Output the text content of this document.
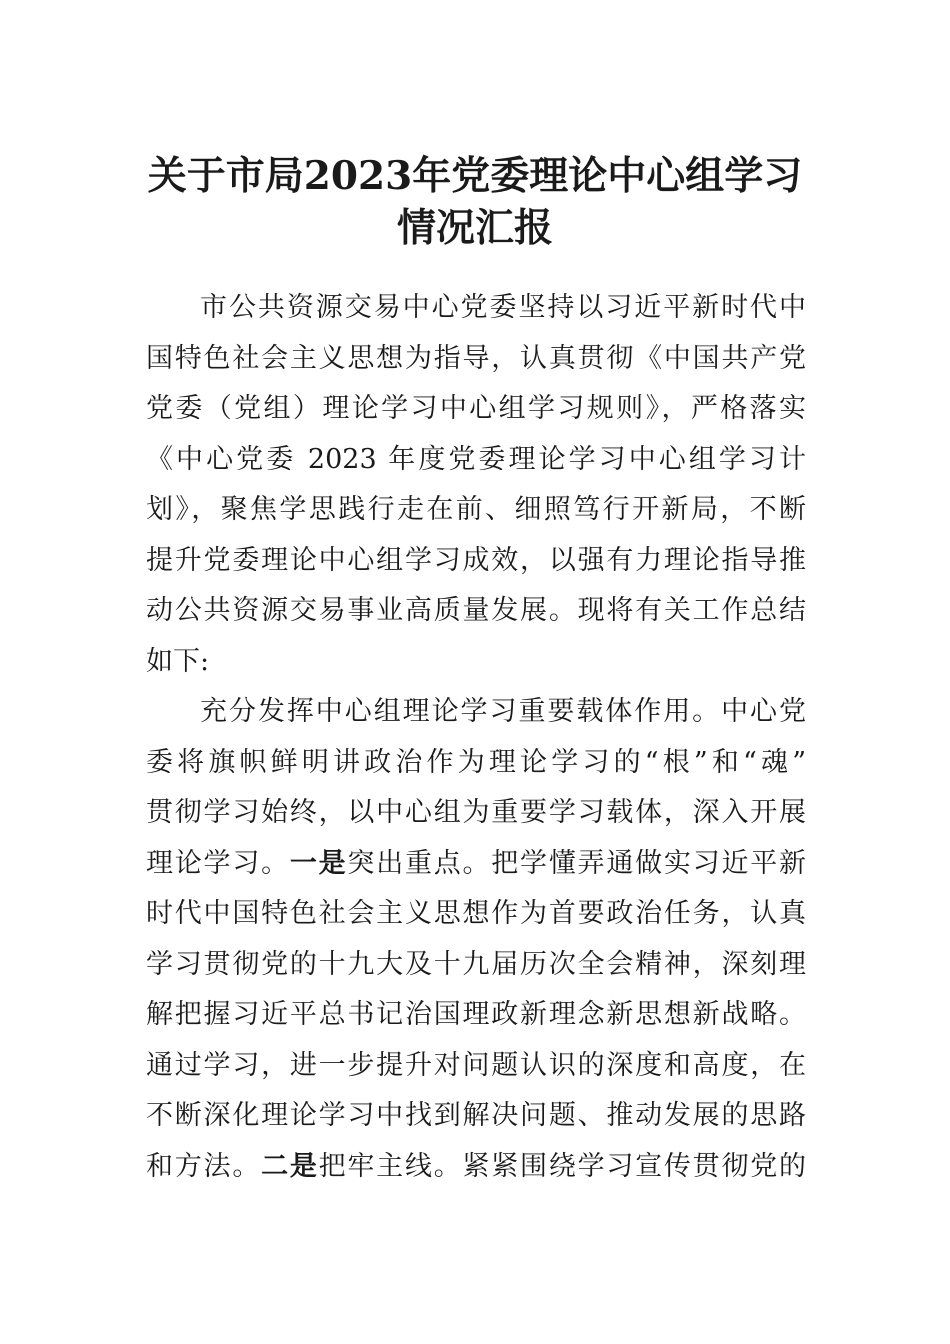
关于市局2023年党委理论中心组学习
情况汇报
市公共资源交易中心党委坚持以习近平新时代中
国特色社会主义思想为指导，认真贯彻《中国共产党
党委（党组）理论学习中心组学习规则》，严格落实
《中心党委 2023 年度党委理论学习中心组学习计
划》，聚焦学思践行走在前、细照笃行开新局，不断
提升党委理论中心组学习成效，以强有力理论指导推
动公共资源交易事业高质量发展。现将有关工作总结
如下:
充分发挥中心组理论学习重要载体作用。中心党
委将旗帜鲜明讲政治作为理论学习的“根”和“魂”
贯彻学习始终，以中心组为重要学习载体，深入开展
理论学习。一是突出重点。把学懂弄通做实习近平新
时代中国特色社会主义思想作为首要政治任务，认真
学习贯彻党的十九大及十九届历次全会精神，深刻理
解把握习近平总书记治国理政新理念新思想新战略。
通过学习，进一步提升对问题认识的深度和高度，在
不断深化理论学习中找到解决问题、推动发展的思路
和方法。二是把牢主线。紧紧围绕学习宣传贯彻党的
